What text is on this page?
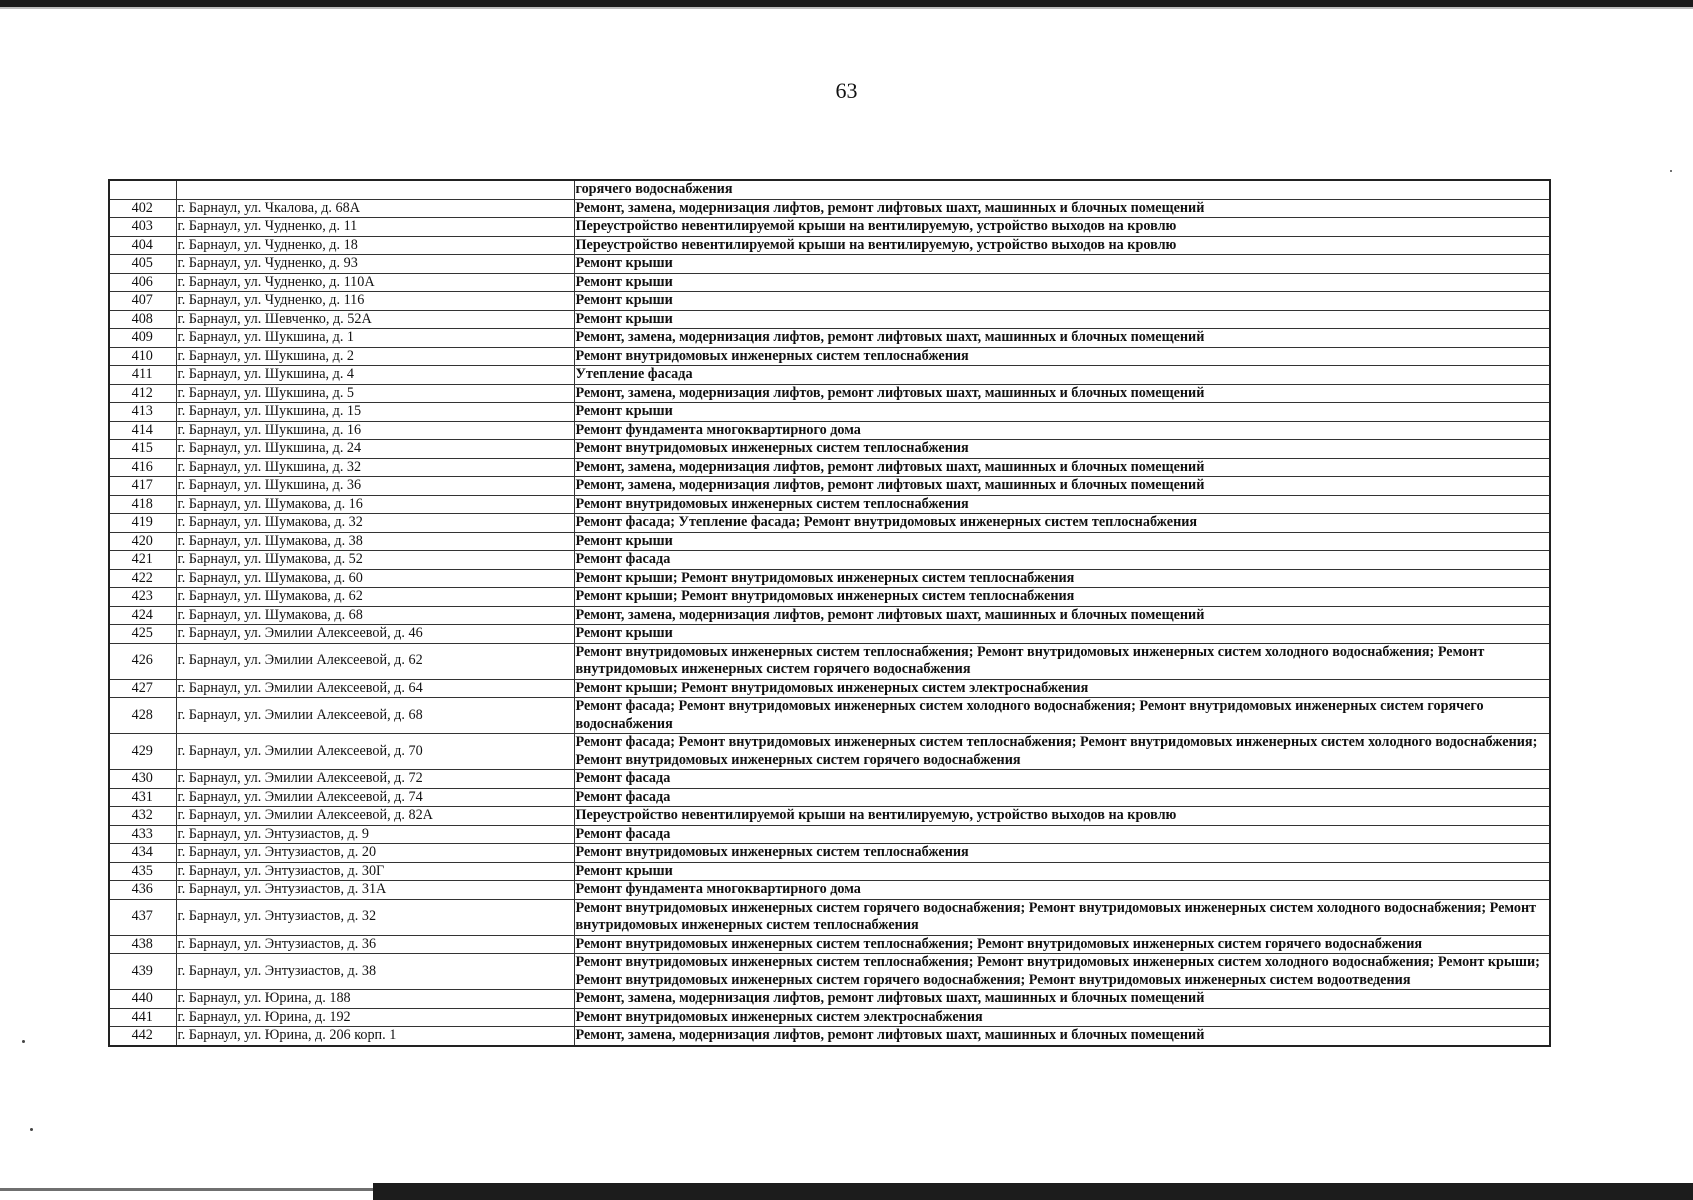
63
		горячего водоснабжения
402	г. Барнаул, ул. Чкалова, д. 68А	Ремонт, замена, модернизация лифтов, ремонт лифтовых шахт, машинных и блочных помещений
403	г. Барнаул, ул. Чудненко, д. 11	Переустройство невентилируемой крыши на вентилируемую, устройство выходов на кровлю
404	г. Барнаул, ул. Чудненко, д. 18	Переустройство невентилируемой крыши на вентилируемую, устройство выходов на кровлю
405	г. Барнаул, ул. Чудненко, д. 93	Ремонт крыши
406	г. Барнаул, ул. Чудненко, д. 110А	Ремонт крыши
407	г. Барнаул, ул. Чудненко, д. 116	Ремонт крыши
408	г. Барнаул, ул. Шевченко, д. 52А	Ремонт крыши
409	г. Барнаул, ул. Шукшина, д. 1	Ремонт, замена, модернизация лифтов, ремонт лифтовых шахт, машинных и блочных помещений
410	г. Барнаул, ул. Шукшина, д. 2	Ремонт внутридомовых инженерных систем теплоснабжения
411	г. Барнаул, ул. Шукшина, д. 4	Утепление фасада
412	г. Барнаул, ул. Шукшина, д. 5	Ремонт, замена, модернизация лифтов, ремонт лифтовых шахт, машинных и блочных помещений
413	г. Барнаул, ул. Шукшина, д. 15	Ремонт крыши
414	г. Барнаул, ул. Шукшина, д. 16	Ремонт фундамента многоквартирного дома
415	г. Барнаул, ул. Шукшина, д. 24	Ремонт внутридомовых инженерных систем теплоснабжения
416	г. Барнаул, ул. Шукшина, д. 32	Ремонт, замена, модернизация лифтов, ремонт лифтовых шахт, машинных и блочных помещений
417	г. Барнаул, ул. Шукшина, д. 36	Ремонт, замена, модернизация лифтов, ремонт лифтовых шахт, машинных и блочных помещений
418	г. Барнаул, ул. Шумакова, д. 16	Ремонт внутридомовых инженерных систем теплоснабжения
419	г. Барнаул, ул. Шумакова, д. 32	Ремонт фасада; Утепление фасада; Ремонт внутридомовых инженерных систем теплоснабжения
420	г. Барнаул, ул. Шумакова, д. 38	Ремонт крыши
421	г. Барнаул, ул. Шумакова, д. 52	Ремонт фасада
422	г. Барнаул, ул. Шумакова, д. 60	Ремонт крыши; Ремонт внутридомовых инженерных систем теплоснабжения
423	г. Барнаул, ул. Шумакова, д. 62	Ремонт крыши; Ремонт внутридомовых инженерных систем теплоснабжения
424	г. Барнаул, ул. Шумакова, д. 68	Ремонт, замена, модернизация лифтов, ремонт лифтовых шахт, машинных и блочных помещений
425	г. Барнаул, ул. Эмилии Алексеевой, д. 46	Ремонт крыши
426	г. Барнаул, ул. Эмилии Алексеевой, д. 62	Ремонт внутридомовых инженерных систем теплоснабжения; Ремонт внутридомовых инженерных систем холодного водоснабжения; Ремонт внутридомовых инженерных систем горячего водоснабжения
427	г. Барнаул, ул. Эмилии Алексеевой, д. 64	Ремонт крыши; Ремонт внутридомовых инженерных систем электроснабжения
428	г. Барнаул, ул. Эмилии Алексеевой, д. 68	Ремонт фасада; Ремонт внутридомовых инженерных систем холодного водоснабжения; Ремонт внутридомовых инженерных систем горячего водоснабжения
429	г. Барнаул, ул. Эмилии Алексеевой, д. 70	Ремонт фасада; Ремонт внутридомовых инженерных систем теплоснабжения; Ремонт внутридомовых инженерных систем холодного водоснабжения; Ремонт внутридомовых инженерных систем горячего водоснабжения
430	г. Барнаул, ул. Эмилии Алексеевой, д. 72	Ремонт фасада
431	г. Барнаул, ул. Эмилии Алексеевой, д. 74	Ремонт фасада
432	г. Барнаул, ул. Эмилии Алексеевой, д. 82А	Переустройство невентилируемой крыши на вентилируемую, устройство выходов на кровлю
433	г. Барнаул, ул. Энтузиастов, д. 9	Ремонт фасада
434	г. Барнаул, ул. Энтузиастов, д. 20	Ремонт внутридомовых инженерных систем теплоснабжения
435	г. Барнаул, ул. Энтузиастов, д. 30Г	Ремонт крыши
436	г. Барнаул, ул. Энтузиастов, д. 31А	Ремонт фундамента многоквартирного дома
437	г. Барнаул, ул. Энтузиастов, д. 32	Ремонт внутридомовых инженерных систем горячего водоснабжения; Ремонт внутридомовых инженерных систем холодного водоснабжения; Ремонт внутридомовых инженерных систем теплоснабжения
438	г. Барнаул, ул. Энтузиастов, д. 36	Ремонт внутридомовых инженерных систем теплоснабжения; Ремонт внутридомовых инженерных систем горячего водоснабжения
439	г. Барнаул, ул. Энтузиастов, д. 38	Ремонт внутридомовых инженерных систем теплоснабжения; Ремонт внутридомовых инженерных систем холодного водоснабжения; Ремонт крыши; Ремонт внутридомовых инженерных систем горячего водоснабжения; Ремонт внутридомовых инженерных систем водоотведения
440	г. Барнаул, ул. Юрина, д. 188	Ремонт, замена, модернизация лифтов, ремонт лифтовых шахт, машинных и блочных помещений
441	г. Барнаул, ул. Юрина, д. 192	Ремонт внутридомовых инженерных систем электроснабжения
442	г. Барнаул, ул. Юрина, д. 206 корп. 1	Ремонт, замена, модернизация лифтов, ремонт лифтовых шахт, машинных и блочных помещений
